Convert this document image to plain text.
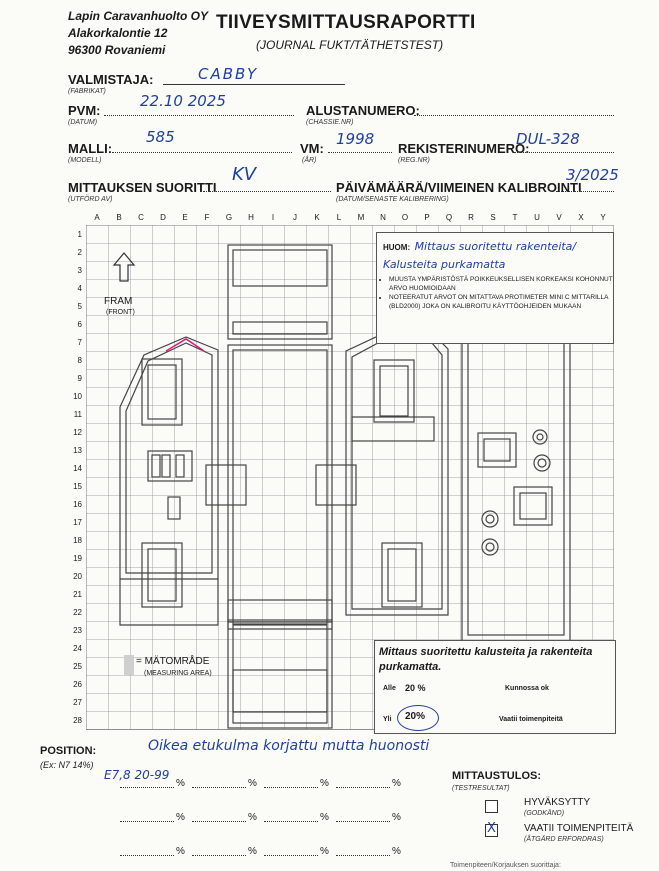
Lapin Caravanhuolto OY
Alakorkalontie 12
96300 Rovaniemi
TIIVEYSMITTAUSRAPORTTI
(JOURNAL FUKT/TÄTHETSTEST)
VALMISTAJA:
(FABRIKAT)
CABBY
PVM:
(DATUM)
22.10 2025
ALUSTANUMERO:
(CHASSIE.NR)
MALLI:
(MODELL)
585
VM:
(ÅR)
1998
REKISTERINUMERO:
(REG.NR)
DUL-328
MITTAUKSEN SUORITTI
(UTFÖRD AV)
KV
PÄIVÄMÄÄRÄ/VIIMEINEN KALIBROINTI
(DATUM/SENASTE KALIBRERING)
3/2025
A	B	C	D	E	F	G	H	I	J	K	L	M	N	O	P	Q	R	S	T	U	V	X	Y
1
2
3
4
5
6
7
8
9
10
11
12
13
14
15
16
17
18
19
20
21
22
23
24
25
26
27
28
FRAM
(FRONT)
= MÄTOMRÅDE
(MEASURING AREA)
HUOM: Mittaus suoritettu rakenteita/ Kalusteita purkamatta
• MUUSTA YMPÄRISTÖSTÄ POIKKEUKSELLISEN KORKEAKSI KOHONNUT ARVO HUOMIOIDAAN
• NOTEERATUT ARVOT ON MITATTAVA PROTIMETER MINI C MITTARILLA (BLD2000) JOKA ON KALIBROITU KÄYTTÖOHJEIDEN MUKAAN
Mittaus suoritettu kalusteita ja rakenteita purkamatta.
Alle 20 %	Kunnossa ok
Yli 20%	Vaatii toimenpiteitä
POSITION:
(Ex: N7 14%)
Oikea etukulma korjattu mutta huonosti
E7,8 20-99
%	%	%	%
%	%	%	%
%	%	%	%
MITTAUSTULOS:
(TESTRESULTAT)
HYVÄKSYTTY
(GODKÄND)
X	VAATII TOIMENPITEITÄ
(ÅTGÄRD ERFORDRAS)
Toimenpiteen/Korjauksen suorittaja:
